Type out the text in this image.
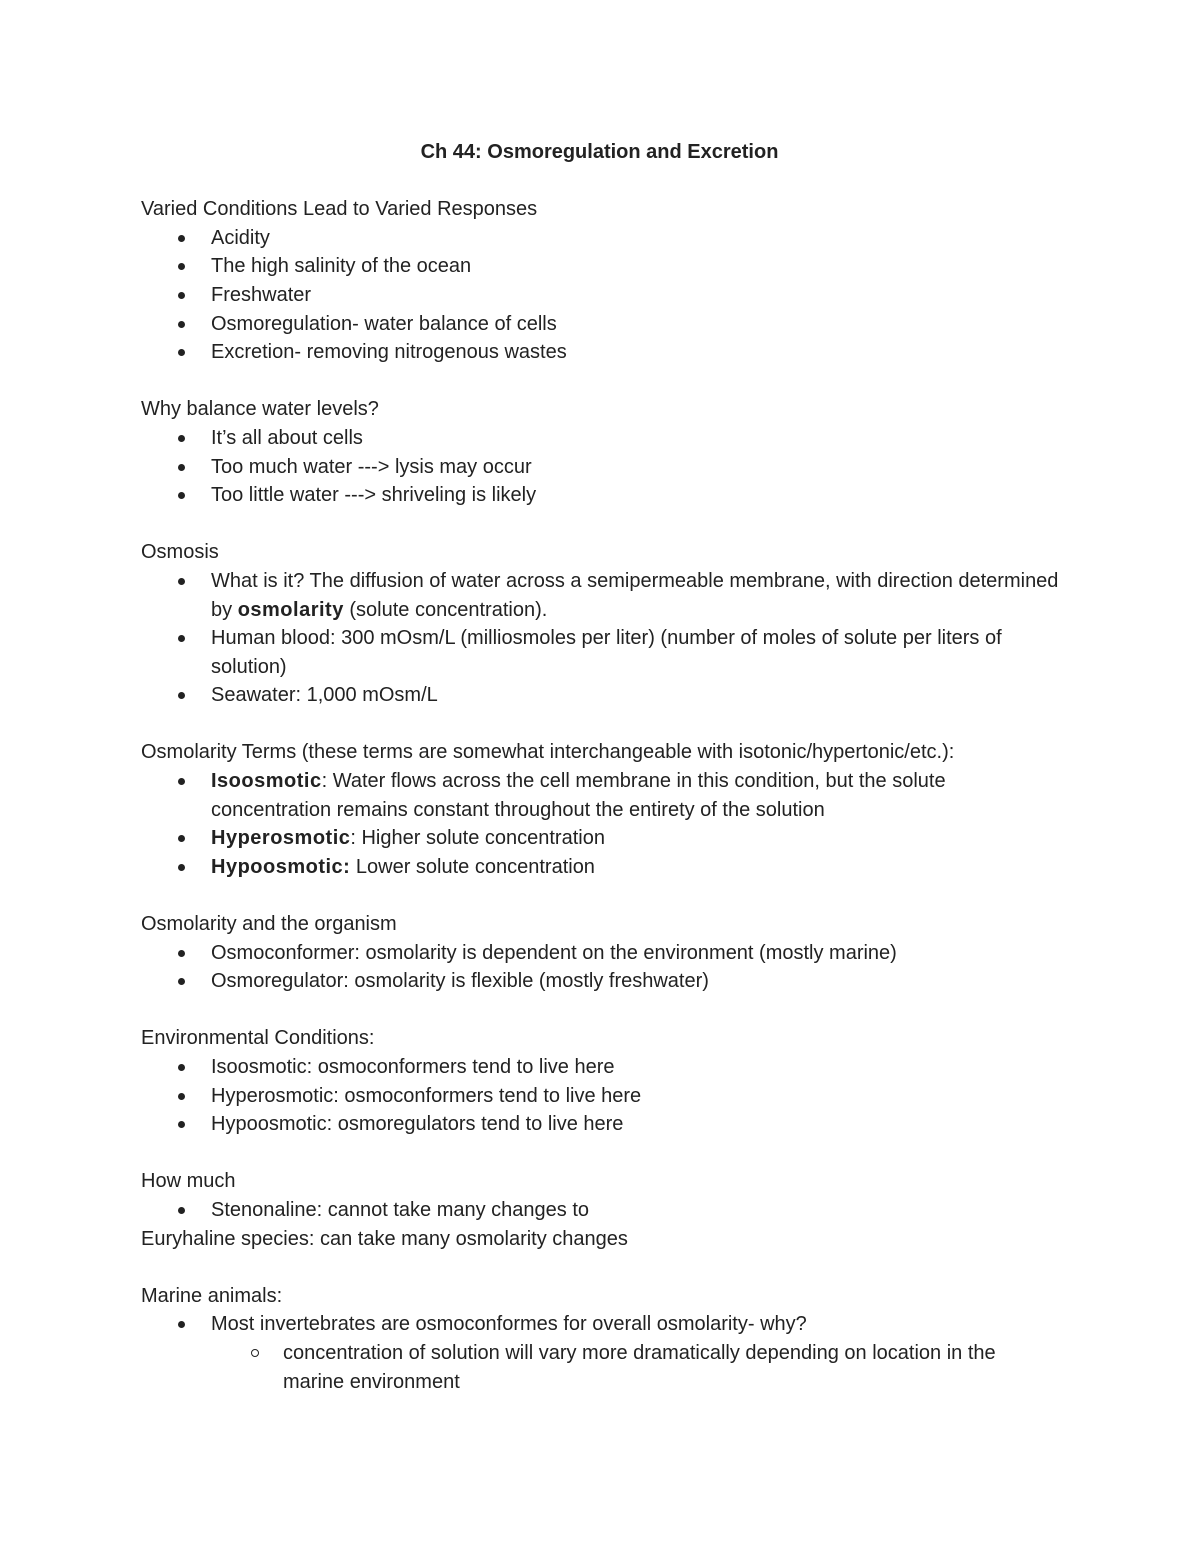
Ch 44: Osmoregulation and Excretion

Varied Conditions Lead to Varied Responses

Acidity
The high salinity of the ocean
Freshwater
Osmoregulation- water balance of cells
Excretion- removing nitrogenous wastes

Why balance water levels?

It’s all about cells
Too much water ---> lysis may occur
Too little water ---> shriveling is likely

Osmosis

What is it? The diffusion of water across a semipermeable membrane, with direction determined by osmolarity (solute concentration).
Human blood: 300 mOsm/L (milliosmoles per liter) (number of moles of solute per liters of solution)
Seawater: 1,000 mOsm/L

Osmolarity Terms (these terms are somewhat interchangeable with isotonic/hypertonic/etc.):

Isoosmotic: Water flows across the cell membrane in this condition, but the solute concentration remains constant throughout the entirety of the solution
Hyperosmotic: Higher solute concentration
Hypoosmotic: Lower solute concentration

Osmolarity and the organism

Osmoconformer: osmolarity is dependent on the environment (mostly marine)
Osmoregulator: osmolarity is flexible (mostly freshwater)

Environmental Conditions:

Isoosmotic: osmoconformers tend to live here
Hyperosmotic: osmoconformers tend to live here
Hypoosmotic: osmoregulators tend to live here

How much

Stenonaline: cannot take many changes to

Euryhaline species: can take many osmolarity changes

Marine animals:

Most invertebrates are osmoconformes for overall osmolarity- why?
concentration of solution will vary more dramatically depending on location in the marine environment
